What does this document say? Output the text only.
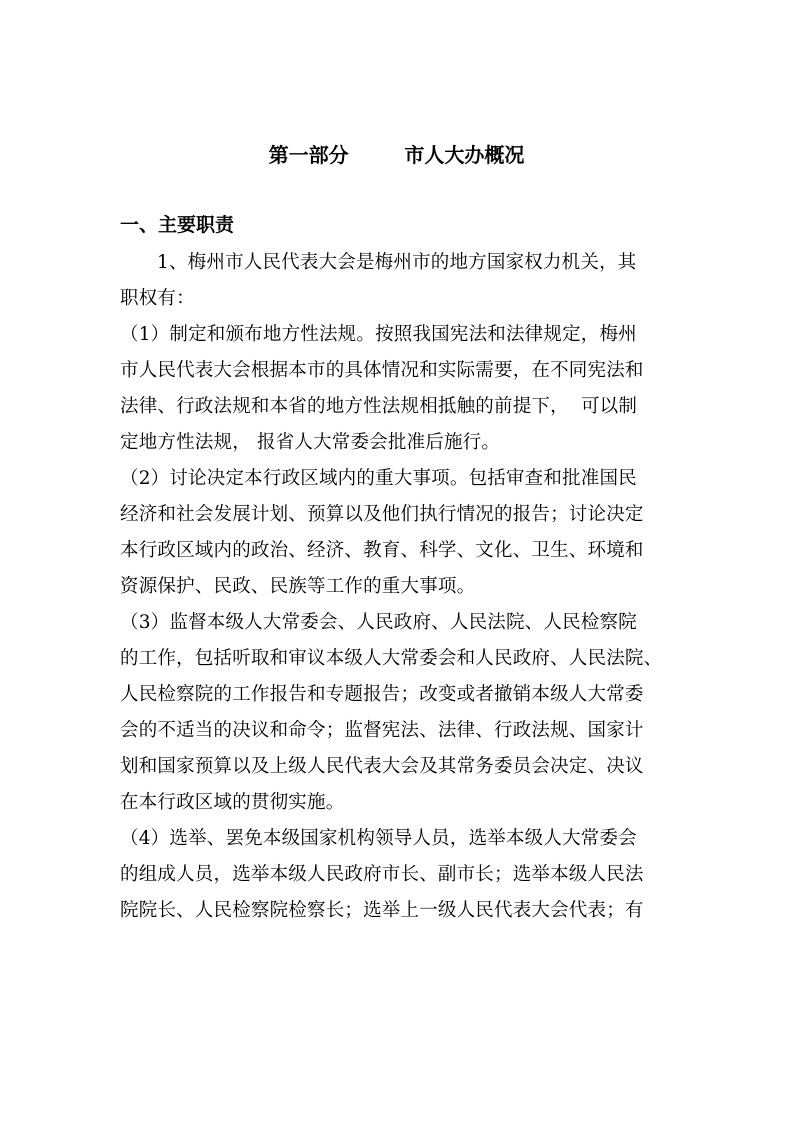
第一部分	市人大办概况
一、主要职责
1、梅州市人民代表大会是梅州市的地方国家权力机关，其
职权有：
（1）制定和颁布地方性法规。按照我国宪法和法律规定，梅州
市人民代表大会根据本市的具体情况和实际需要，在不同宪法和
法律、行政法规和本省的地方性法规相抵触的前提下，  可以制
定地方性法规， 报省人大常委会批准后施行。
（2）讨论决定本行政区域内的重大事项。包括审查和批准国民
经济和社会发展计划、预算以及他们执行情况的报告；讨论决定
本行政区域内的政治、经济、教育、科学、文化、卫生、环境和
资源保护、民政、民族等工作的重大事项。
（3）监督本级人大常委会、人民政府、人民法院、人民检察院
的工作，包括听取和审议本级人大常委会和人民政府、人民法院、
人民检察院的工作报告和专题报告；改变或者撤销本级人大常委
会的不适当的决议和命令；监督宪法、法律、行政法规、国家计
划和国家预算以及上级人民代表大会及其常务委员会决定、决议
在本行政区域的贯彻实施。
（4）选举、罢免本级国家机构领导人员，选举本级人大常委会
的组成人员，选举本级人民政府市长、副市长；选举本级人民法
院院长、人民检察院检察长；选举上一级人民代表大会代表；有
